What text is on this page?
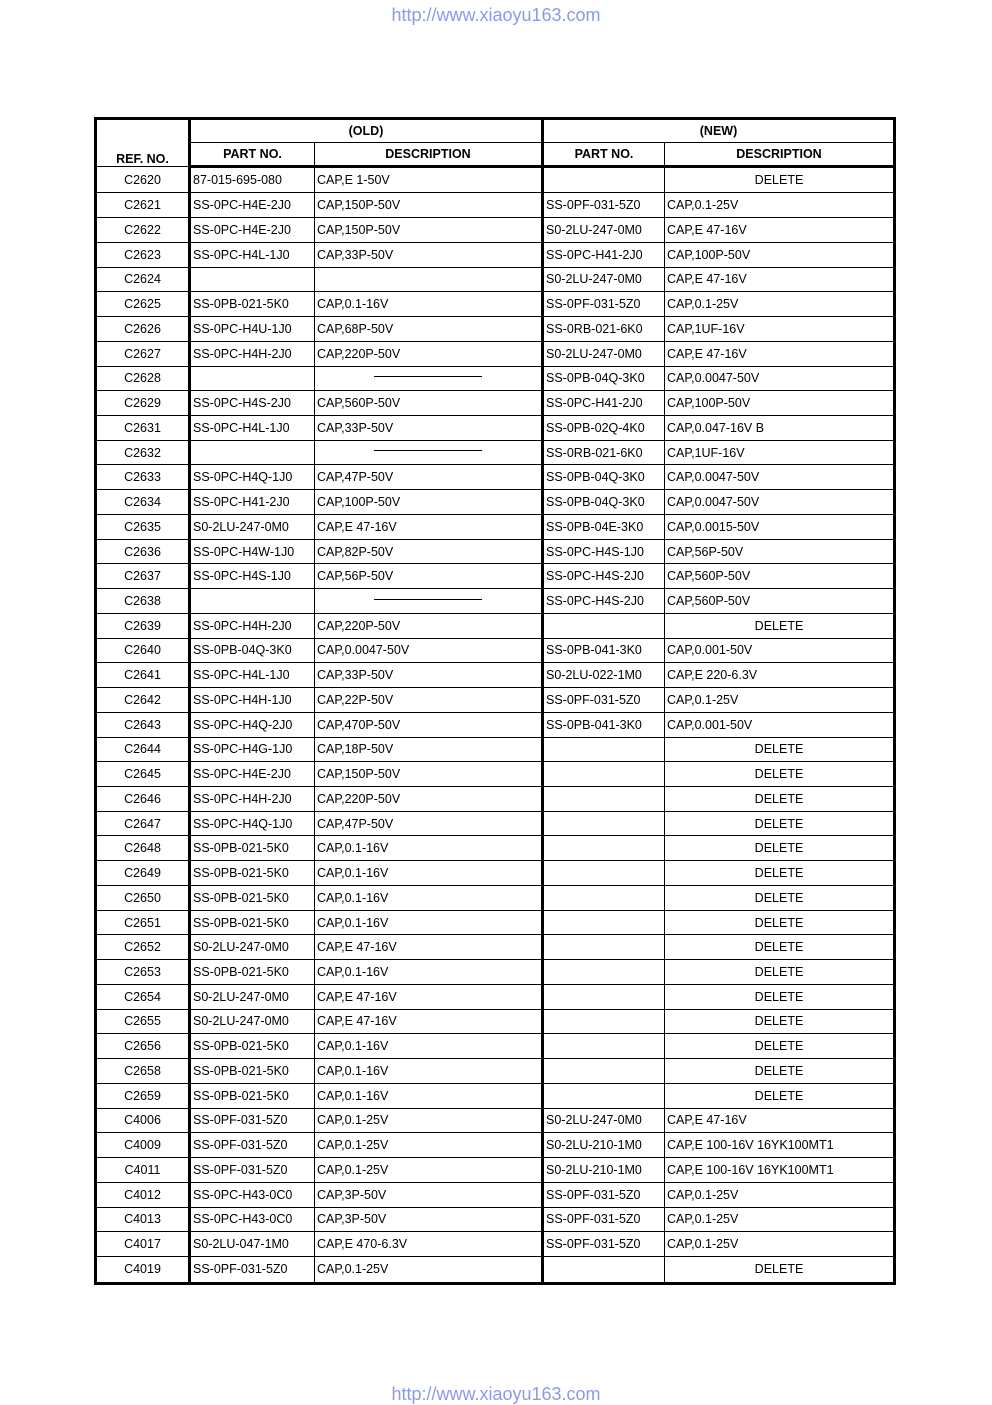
http://www.xiaoyu163.com
REF. NO.	(OLD)		(NEW)	
	PART NO.	DESCRIPTION	PART NO.	DESCRIPTION
C2620	87-015-695-080	CAP,E 1-50V		DELETE
C2621	SS-0PC-H4E-2J0	CAP,150P-50V	SS-0PF-031-5Z0	CAP,0.1-25V
C2622	SS-0PC-H4E-2J0	CAP,150P-50V	S0-2LU-247-0M0	CAP,E 47-16V
C2623	SS-0PC-H4L-1J0	CAP,33P-50V	SS-0PC-H41-2J0	CAP,100P-50V
C2624			S0-2LU-247-0M0	CAP,E 47-16V
C2625	SS-0PB-021-5K0	CAP,0.1-16V	SS-0PF-031-5Z0	CAP,0.1-25V
C2626	SS-0PC-H4U-1J0	CAP,68P-50V	SS-0RB-021-6K0	CAP,1UF-16V
C2627	SS-0PC-H4H-2J0	CAP,220P-50V	S0-2LU-247-0M0	CAP,E 47-16V
C2628			SS-0PB-04Q-3K0	CAP,0.0047-50V
C2629	SS-0PC-H4S-2J0	CAP,560P-50V	SS-0PC-H41-2J0	CAP,100P-50V
C2631	SS-0PC-H4L-1J0	CAP,33P-50V	SS-0PB-02Q-4K0	CAP,0.047-16V B
C2632			SS-0RB-021-6K0	CAP,1UF-16V
C2633	SS-0PC-H4Q-1J0	CAP,47P-50V	SS-0PB-04Q-3K0	CAP,0.0047-50V
C2634	SS-0PC-H41-2J0	CAP,100P-50V	SS-0PB-04Q-3K0	CAP,0.0047-50V
C2635	S0-2LU-247-0M0	CAP,E 47-16V	SS-0PB-04E-3K0	CAP,0.0015-50V
C2636	SS-0PC-H4W-1J0	CAP,82P-50V	SS-0PC-H4S-1J0	CAP,56P-50V
C2637	SS-0PC-H4S-1J0	CAP,56P-50V	SS-0PC-H4S-2J0	CAP,560P-50V
C2638			SS-0PC-H4S-2J0	CAP,560P-50V
C2639	SS-0PC-H4H-2J0	CAP,220P-50V		DELETE
C2640	SS-0PB-04Q-3K0	CAP,0.0047-50V	SS-0PB-041-3K0	CAP,0.001-50V
C2641	SS-0PC-H4L-1J0	CAP,33P-50V	S0-2LU-022-1M0	CAP,E 220-6.3V
C2642	SS-0PC-H4H-1J0	CAP,22P-50V	SS-0PF-031-5Z0	CAP,0.1-25V
C2643	SS-0PC-H4Q-2J0	CAP,470P-50V	SS-0PB-041-3K0	CAP,0.001-50V
C2644	SS-0PC-H4G-1J0	CAP,18P-50V		DELETE
C2645	SS-0PC-H4E-2J0	CAP,150P-50V		DELETE
C2646	SS-0PC-H4H-2J0	CAP,220P-50V		DELETE
C2647	SS-0PC-H4Q-1J0	CAP,47P-50V		DELETE
C2648	SS-0PB-021-5K0	CAP,0.1-16V		DELETE
C2649	SS-0PB-021-5K0	CAP,0.1-16V		DELETE
C2650	SS-0PB-021-5K0	CAP,0.1-16V		DELETE
C2651	SS-0PB-021-5K0	CAP,0.1-16V		DELETE
C2652	S0-2LU-247-0M0	CAP,E 47-16V		DELETE
C2653	SS-0PB-021-5K0	CAP,0.1-16V		DELETE
C2654	S0-2LU-247-0M0	CAP,E 47-16V		DELETE
C2655	S0-2LU-247-0M0	CAP,E 47-16V		DELETE
C2656	SS-0PB-021-5K0	CAP,0.1-16V		DELETE
C2658	SS-0PB-021-5K0	CAP,0.1-16V		DELETE
C2659	SS-0PB-021-5K0	CAP,0.1-16V		DELETE
C4006	SS-0PF-031-5Z0	CAP,0.1-25V	S0-2LU-247-0M0	CAP,E 47-16V
C4009	SS-0PF-031-5Z0	CAP,0.1-25V	S0-2LU-210-1M0	CAP,E 100-16V 16YK100MT1
C4011	SS-0PF-031-5Z0	CAP,0.1-25V	S0-2LU-210-1M0	CAP,E 100-16V 16YK100MT1
C4012	SS-0PC-H43-0C0	CAP,3P-50V	SS-0PF-031-5Z0	CAP,0.1-25V
C4013	SS-0PC-H43-0C0	CAP,3P-50V	SS-0PF-031-5Z0	CAP,0.1-25V
C4017	S0-2LU-047-1M0	CAP,E 470-6.3V	SS-0PF-031-5Z0	CAP,0.1-25V
C4019	SS-0PF-031-5Z0	CAP,0.1-25V		DELETE
http://www.xiaoyu163.com
